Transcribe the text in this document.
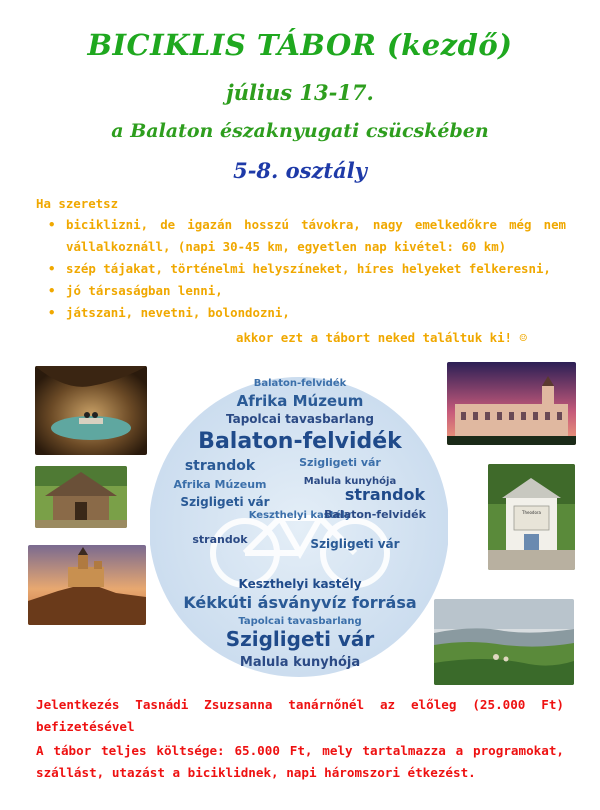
BICIKLIS TÁBOR (kezdő)
július 13-17.
a Balaton északnyugati csücskében
5-8. osztály
Ha szeretsz
• biciklizni, de igazán hosszú távokra, nagy emelkedőkre még nem vállalkoználl, (napi 30-45 km, egyetlen nap kivétel: 60 km)
• szép tájakat, történelmi helyszíneket, híres helyeket felkeresni,
• jó társaságban lenni,
• játszani, nevetni, bolondozni,
akkor ezt a tábort neked találtuk ki! ☺
Theodora
Balaton-felvidék
Afrika Múzeum
Tapolcai tavasbarlang
Balaton-felvidék
Szigligeti vár
strandok
Malula kunyhója
strandok
Keszthelyi kastély
Szigligeti vár
Balaton-felvidék
Afrika Múzeum
Szigligeti vár
strandok
Keszthelyi kastély
Kékkúti ásványvíz forrása
Tapolcai tavasbarlang
Szigligeti vár
Malula kunyhója
Jelentkezés Tasnádi Zsuzsanna tanárnőnél az előleg (25.000 Ft) befizetésével
A tábor teljes költsége: 65.000 Ft, mely tartalmazza a programokat, szállást, utazást a biciklidnek, napi háromszori étkezést.
